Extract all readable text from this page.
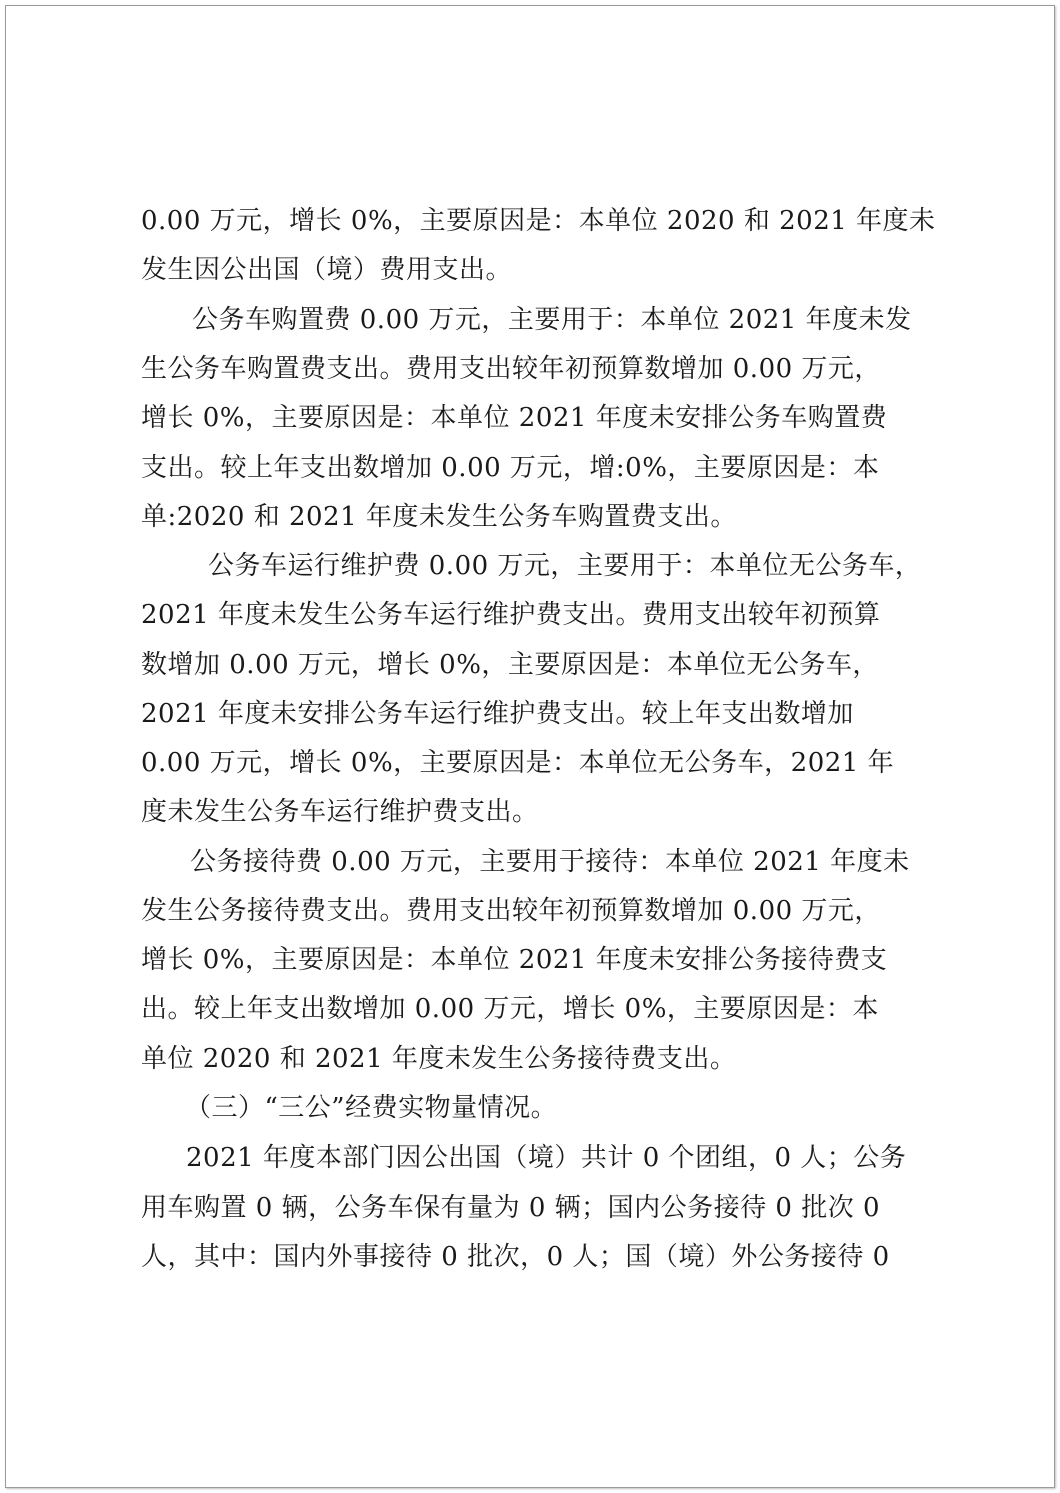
0.00 万元，增长 0%，主要原因是：本单位 2020 和 2021 年度未

发生因公出国（境）费用支出。

公务车购置费 0.00 万元，主要用于：本单位 2021 年度未发

生公务车购置费支出。费用支出较年初预算数增加 0.00 万元，

增长 0%，主要原因是：本单位 2021 年度未安排公务车购置费

支出。较上年支出数增加 0.00 万元，增:0%，主要原因是：本

单:2020 和 2021 年度未发生公务车购置费支出。

公务车运行维护费 0.00 万元，主要用于：本单位无公务车，

2021 年度未发生公务车运行维护费支出。费用支出较年初预算

数增加 0.00 万元，增长 0%，主要原因是：本单位无公务车，

2021 年度未安排公务车运行维护费支出。较上年支出数增加

0.00 万元，增长 0%，主要原因是：本单位无公务车，2021 年

度未发生公务车运行维护费支出。

公务接待费 0.00 万元，主要用于接待：本单位 2021 年度未

发生公务接待费支出。费用支出较年初预算数增加 0.00 万元，

增长 0%，主要原因是：本单位 2021 年度未安排公务接待费支

出。较上年支出数增加 0.00 万元，增长 0%，主要原因是：本

单位 2020 和 2021 年度未发生公务接待费支出。

（三）“三公”经费实物量情况。

2021 年度本部门因公出国（境）共计 0 个团组，0 人；公务

用车购置 0 辆，公务车保有量为 0 辆；国内公务接待 0 批次 0

人，其中：国内外事接待 0 批次，0 人；国（境）外公务接待 0
